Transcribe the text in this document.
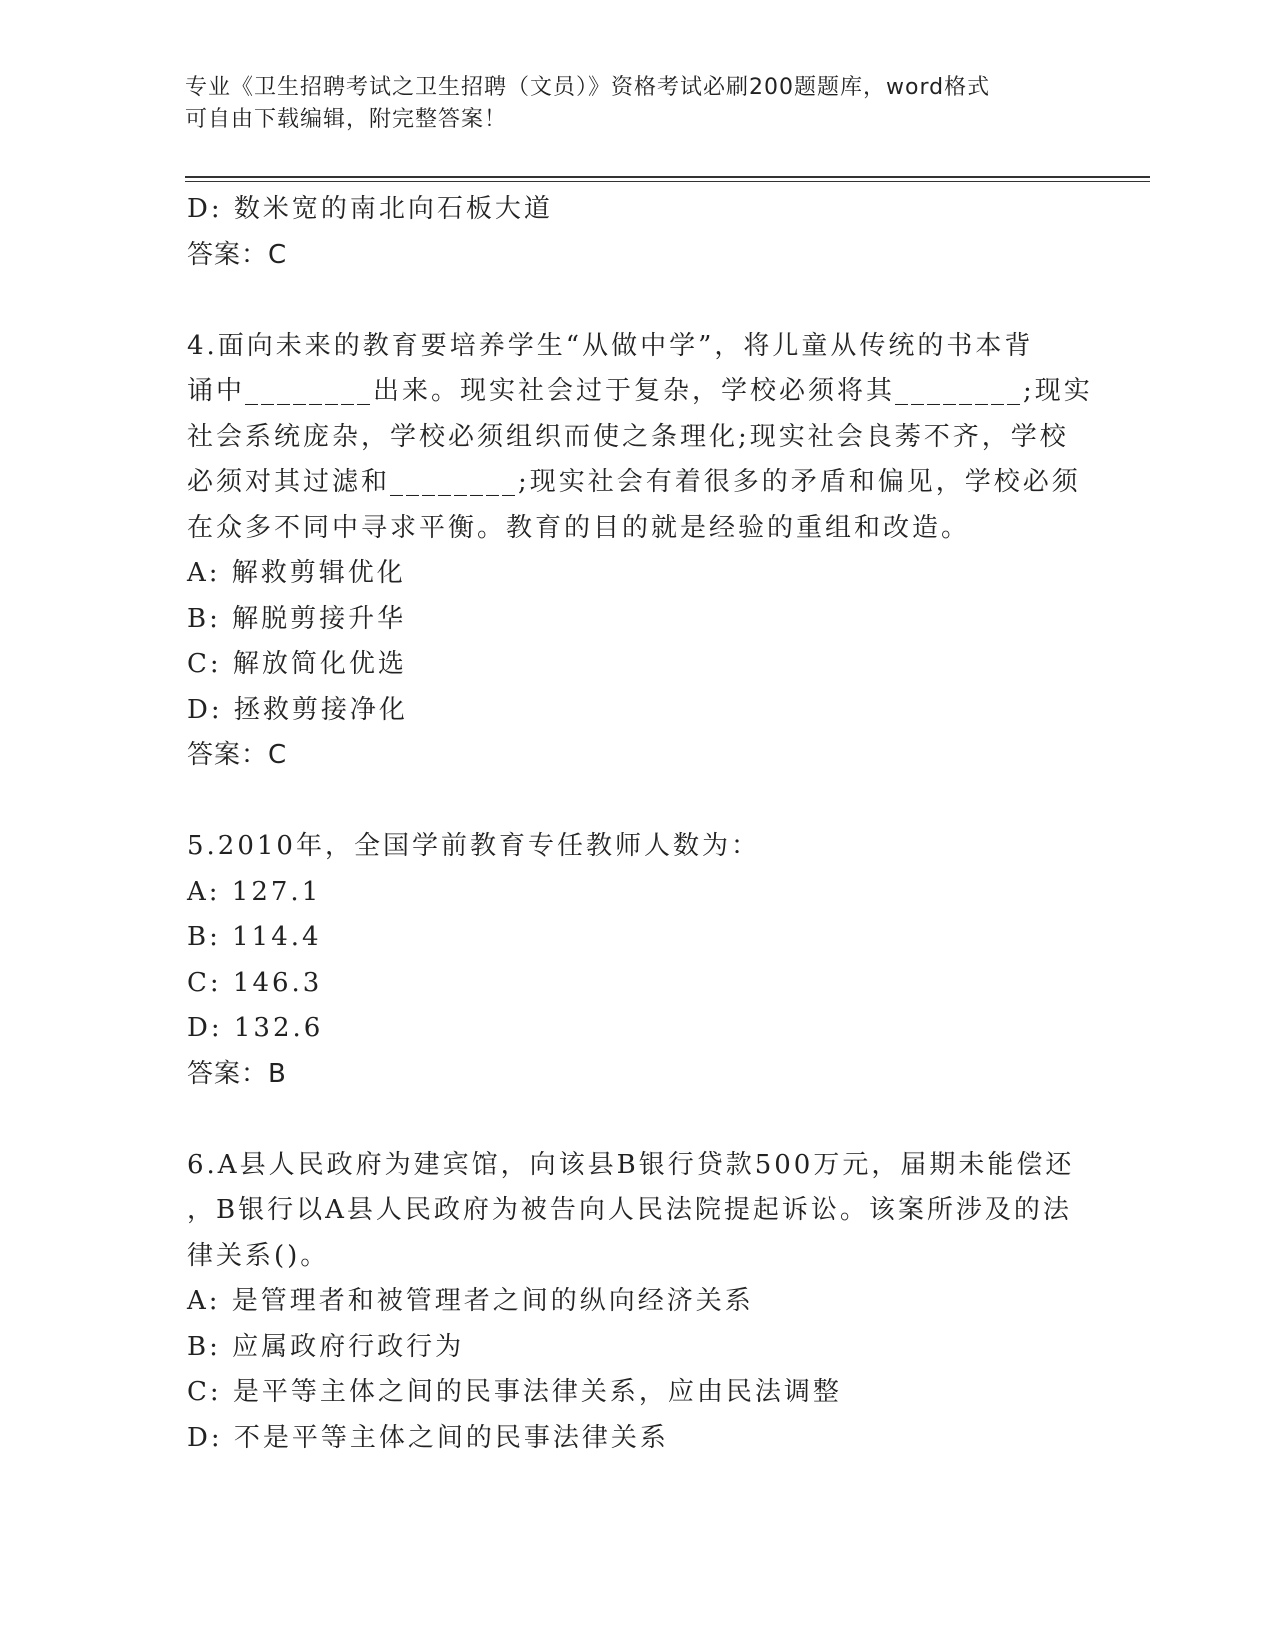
专业《卫生招聘考试之卫生招聘（文员）》资格考试必刷200题题库，word格式
可自由下载编辑，附完整答案！
D: 数米宽的南北向石板大道
答案：C
4.面向未来的教育要培养学生“从做中学”，将儿童从传统的书本背
诵中________出来。现实社会过于复杂，学校必须将其________;现实
社会系统庞杂，学校必须组织而使之条理化;现实社会良莠不齐，学校
必须对其过滤和________;现实社会有着很多的矛盾和偏见，学校必须
在众多不同中寻求平衡。教育的目的就是经验的重组和改造。
A: 解救剪辑优化
B: 解脱剪接升华
C: 解放简化优选
D: 拯救剪接净化
答案：C
5.2010年，全国学前教育专任教师人数为：
A: 127.1
B: 114.4
C: 146.3
D: 132.6
答案：B
6.A县人民政府为建宾馆，向该县B银行贷款500万元，届期未能偿还
，B银行以A县人民政府为被告向人民法院提起诉讼。该案所涉及的法
律关系()。
A: 是管理者和被管理者之间的纵向经济关系
B: 应属政府行政行为
C: 是平等主体之间的民事法律关系，应由民法调整
D: 不是平等主体之间的民事法律关系
